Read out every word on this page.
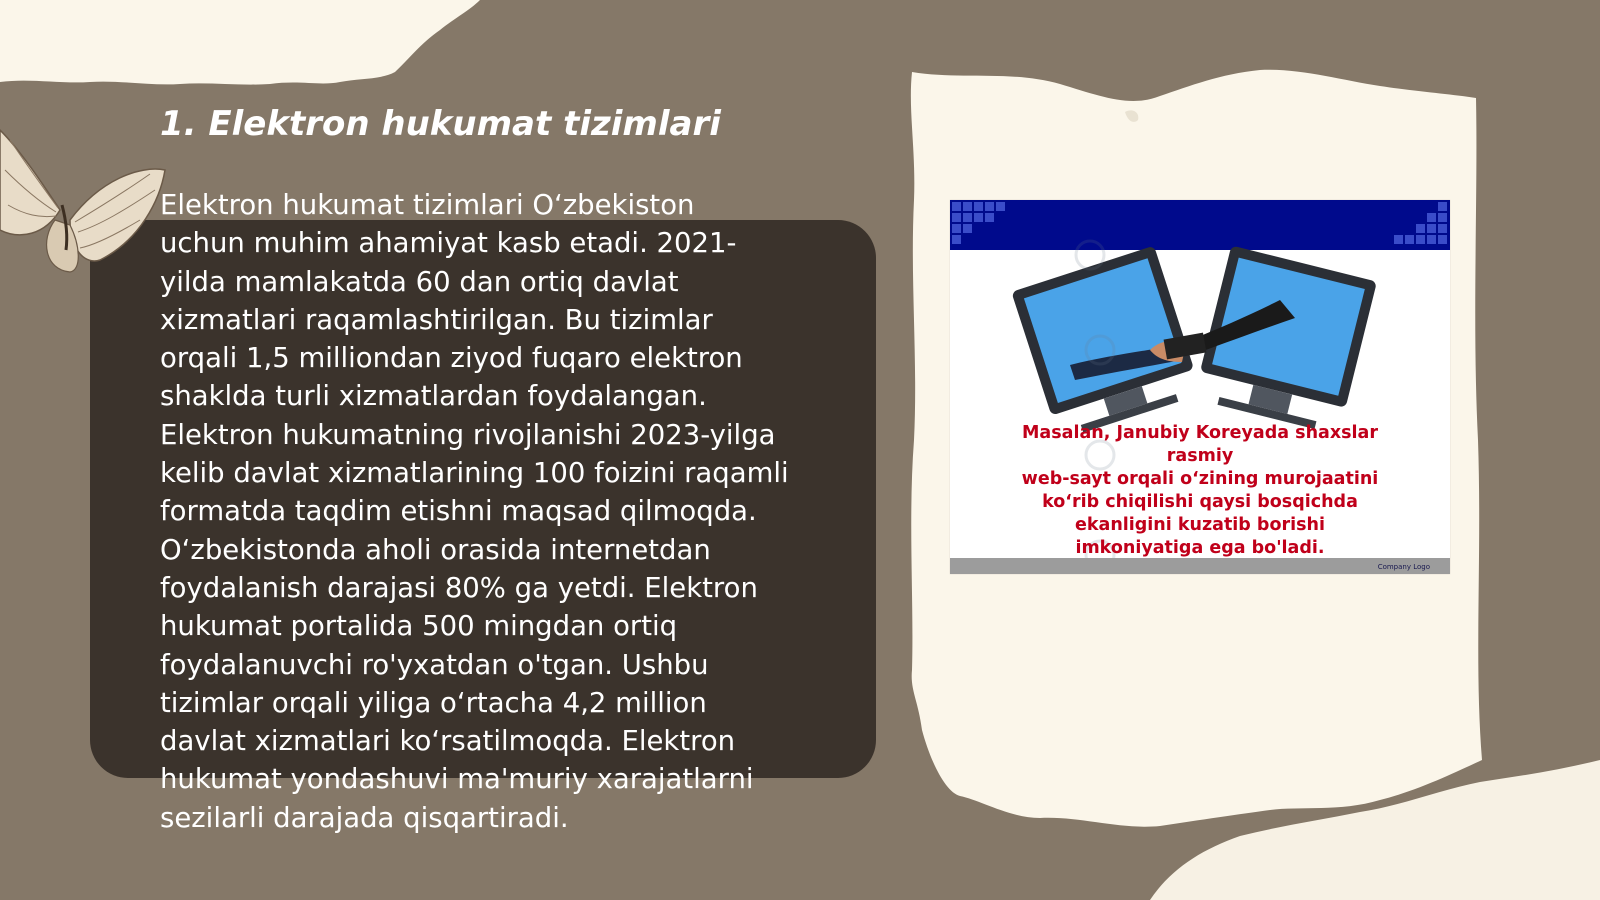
1. Elektron hukumat tizimlari
Elektron hukumat tizimlari O‘zbekiston
uchun muhim ahamiyat kasb etadi. 2021-
yilda mamlakatda 60 dan ortiq davlat
xizmatlari raqamlashtirilgan. Bu tizimlar
orqali 1,5 milliondan ziyod fuqaro elektron
shaklda turli xizmatlardan foydalangan.
Elektron hukumatning rivojlanishi 2023-yilga
kelib davlat xizmatlarining 100 foizini raqamli
formatda taqdim etishni maqsad qilmoqda.
O‘zbekistonda aholi orasida internetdan
foydalanish darajasi 80% ga yetdi. Elektron
hukumat portalida 500 mingdan ortiq
foydalanuvchi ro'yxatdan o'tgan. Ushbu
tizimlar orqali yiliga o‘rtacha 4,2 million
davlat xizmatlari ko‘rsatilmoqda. Elektron
hukumat yondashuvi ma'muriy xarajatlarni
sezilarli darajada qisqartiradi.
Masalan, Janubiy Koreyada shaxslar
rasmiy
web-sayt orqali o‘zining murojaatini
ko‘rib chiqilishi qaysi bosqichda
ekanligini kuzatib borishi
imkoniyatiga ega bo'ladi.
Company Logo
